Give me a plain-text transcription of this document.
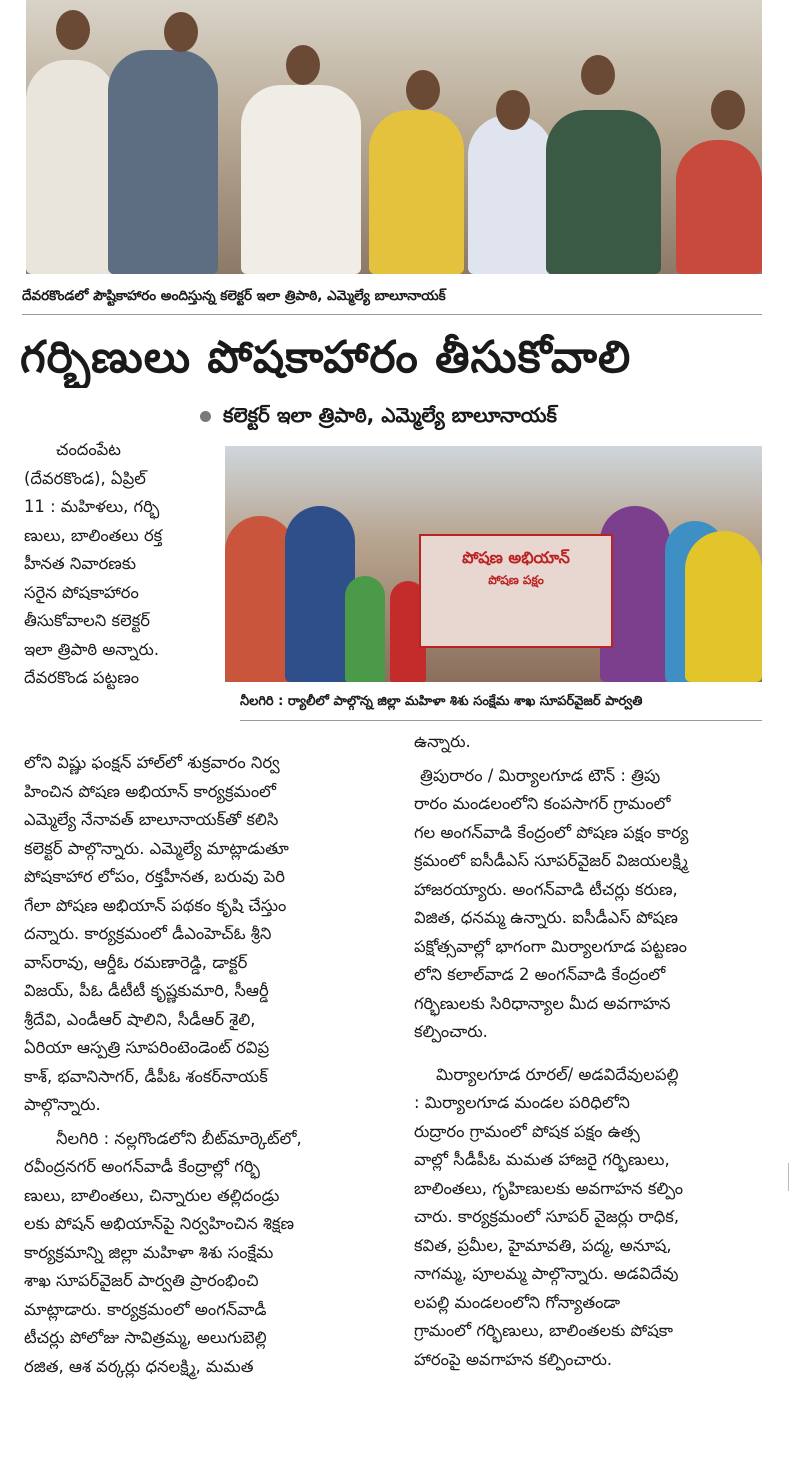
దేవరకొండలో పౌష్టికాహారం అందిస్తున్న కలెక్టర్ ఇలా త్రిపాఠి, ఎమ్మెల్యే బాలూనాయక్
గర్భిణులు పోషకాహారం తీసుకోవాలి
కలెక్టర్ ఇలా త్రిపాఠి, ఎమ్మెల్యే బాలూనాయక్
చందంపేట
(దేవరకొండ), ఏప్రిల్
11 : మహిళలు, గర్భి
ణులు, బాలింతలు రక్త
హీనత నివారణకు
సరైన పోషకాహారం
తీసుకోవాలని కలెక్టర్
ఇలా త్రిపాఠి అన్నారు.
దేవరకొండ పట్టణం
పోషణ అభియాన్
పోషణ పక్షం
నీలగిరి : ర్యాలీలో పాల్గొన్న జిల్లా మహిళా శిశు సంక్షేమ శాఖ సూపర్‌వైజర్ పార్వతి
లోని విష్ణు ఫంక్షన్ హాల్‌లో శుక్రవారం నిర్వ
హించిన పోషణ అభియాన్ కార్యక్రమంలో
ఎమ్మెల్యే నేనావత్ బాలూనాయక్‌తో కలిసి
కలెక్టర్ పాల్గొన్నారు. ఎమ్మెల్యే మాట్లాడుతూ
పోషకాహార లోపం, రక్తహీనత, బరువు పెరి
గేలా పోషణ అభియాన్ పథకం కృషి చేస్తుం
దన్నారు. కార్యక్రమంలో డీఎంహెచ్ఓ శ్రీని
వాస్‌రావు, ఆర్డీఓ రమణారెడ్డి, డాక్టర్
విజయ్, పీఓ డీటీటీ కృష్ణకుమారి, సీఆర్డీ
శ్రీదేవి, ఎండీఆర్ షాలిని, సీడీఆర్ శైలి,
ఏరియా ఆస్పత్రి సూపరింటెండెంట్ రవిప్ర
కాశ్, భవానిసాగర్, డీపీఓ శంకర్‌నాయక్
పాల్గొన్నారు.
నీలగిరి : నల్లగొండలోని బీట్‌మార్కెట్‌లో,
రవీంద్రనగర్ అంగన్‌వాడీ కేంద్రాల్లో గర్భి
ణులు, బాలింతలు, చిన్నారుల తల్లిదండ్రు
లకు పోషన్ అభియాన్‌పై నిర్వహించిన శిక్షణ
కార్యక్రమాన్ని జిల్లా మహిళా శిశు సంక్షేమ
శాఖ సూపర్‌వైజర్ పార్వతి ప్రారంభించి
మాట్లాడారు. కార్యక్రమంలో అంగన్‌వాడీ
టీచర్లు పోలోజు సావిత్రమ్మ, అలుగుబెల్లి
రజిత, ఆశ వర్కర్లు ధనలక్ష్మి, మమత
ఉన్నారు.
త్రిపురారం / మిర్యాలగూడ టౌన్ : త్రిపు
రారం మండలంలోని కంపసాగర్ గ్రామంలో
గల అంగన్‌వాడి కేంద్రంలో పోషణ పక్షం కార్య
క్రమంలో ఐసీడీఎస్ సూపర్‌వైజర్ విజయలక్ష్మి
హాజరయ్యారు. అంగన్‌వాడి టీచర్లు కరుణ,
విజిత, ధనమ్మ ఉన్నారు. ఐసీడీఎస్ పోషణ
పక్షోత్సవాల్లో భాగంగా మిర్యాలగూడ పట్టణం
లోని కలాల్‌వాడ 2 అంగన్‌వాడి కేంద్రంలో
గర్భిణులకు సిరిధాన్యాల మీద అవగాహన
కల్పించారు.
మిర్యాలగూడ రూరల్/ అడవిదేవులపల్లి
: మిర్యాలగూడ మండల పరిధిలోని
రుద్రారం గ్రామంలో పోషక పక్షం ఉత్స
వాల్లో సీడీపీఓ మమత హాజరై గర్భిణులు,
బాలింతలు, గృహిణులకు అవగాహన కల్పిం
చారు. కార్యక్రమంలో సూపర్ వైజర్లు రాధిక,
కవిత, ప్రమీల, హైమావతి, పద్మ, అనూష,
నాగమ్మ, పూలమ్మ పాల్గొన్నారు. అడవిదేవు
లపల్లి మండలంలోని గోన్యాతండా
గ్రామంలో గర్భిణులు, బాలింతలకు పోషకా
హారంపై అవగాహన కల్పించారు.
